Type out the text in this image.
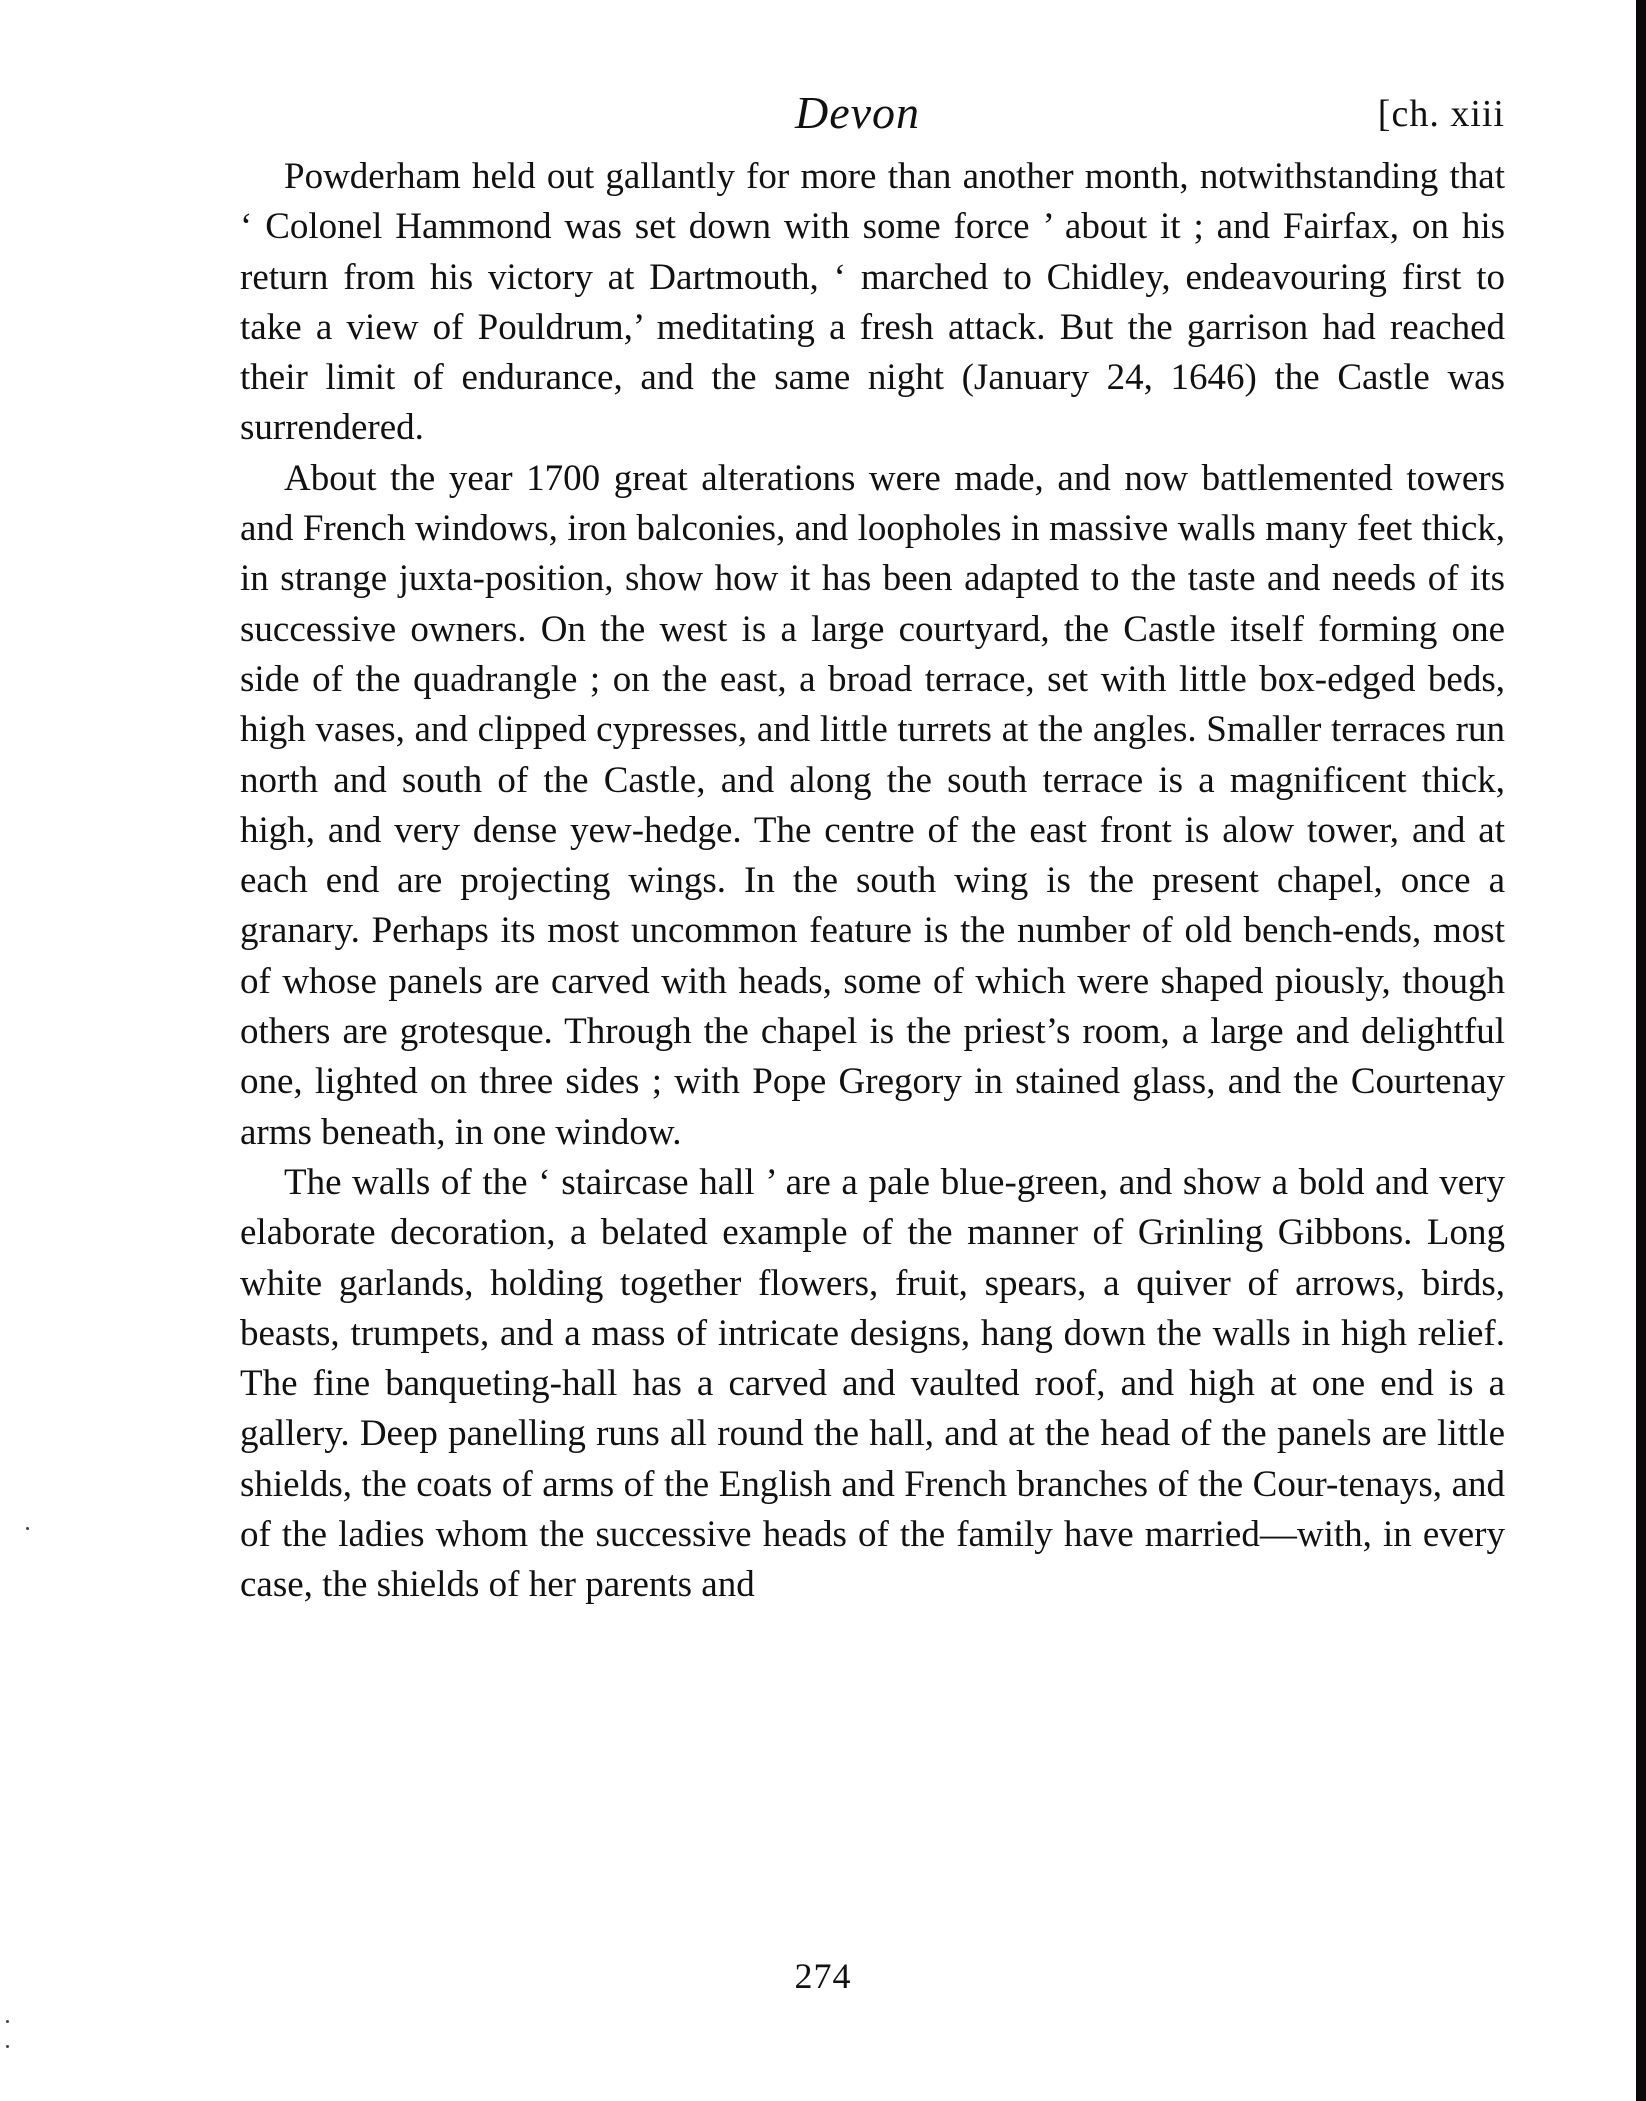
Devon	[ch. xiii

Powderham held out gallantly for more than another month, notwithstanding that ‘ Colonel Hammond was set down with some force ’ about it ; and Fairfax, on his return from his victory at Dartmouth, ‘ marched to Chidley, endeavouring first to take a view of Pouldrum,’ meditating a fresh attack. But the garrison had reached their limit of endurance, and the same night (January 24, 1646) the Castle was surrendered.

About the year 1700 great alterations were made, and now battlemented towers and French windows, iron balconies, and loopholes in massive walls many feet thick, in strange juxta-position, show how it has been adapted to the taste and needs of its successive owners. On the west is a large courtyard, the Castle itself forming one side of the quadrangle ; on the east, a broad terrace, set with little box-edged beds, high vases, and clipped cypresses, and little turrets at the angles. Smaller terraces run north and south of the Castle, and along the south terrace is a magnificent thick, high, and very dense yew-hedge. The centre of the east front is alow tower, and at each end are projecting wings. In the south wing is the present chapel, once a granary. Perhaps its most uncommon feature is the number of old bench-ends, most of whose panels are carved with heads, some of which were shaped piously, though others are grotesque. Through the chapel is the priest’s room, a large and delightful one, lighted on three sides ; with Pope Gregory in stained glass, and the Courtenay arms beneath, in one window.

The walls of the ‘ staircase hall ’ are a pale blue-green, and show a bold and very elaborate decoration, a belated example of the manner of Grinling Gibbons. Long white garlands, holding together flowers, fruit, spears, a quiver of arrows, birds, beasts, trumpets, and a mass of intricate designs, hang down the walls in high relief. The fine banqueting-hall has a carved and vaulted roof, and high at one end is a gallery. Deep panelling runs all round the hall, and at the head of the panels are little shields, the coats of arms of the English and French branches of the Cour-tenays, and of the ladies whom the successive heads of the family have married—with, in every case, the shields of her parents and

274
